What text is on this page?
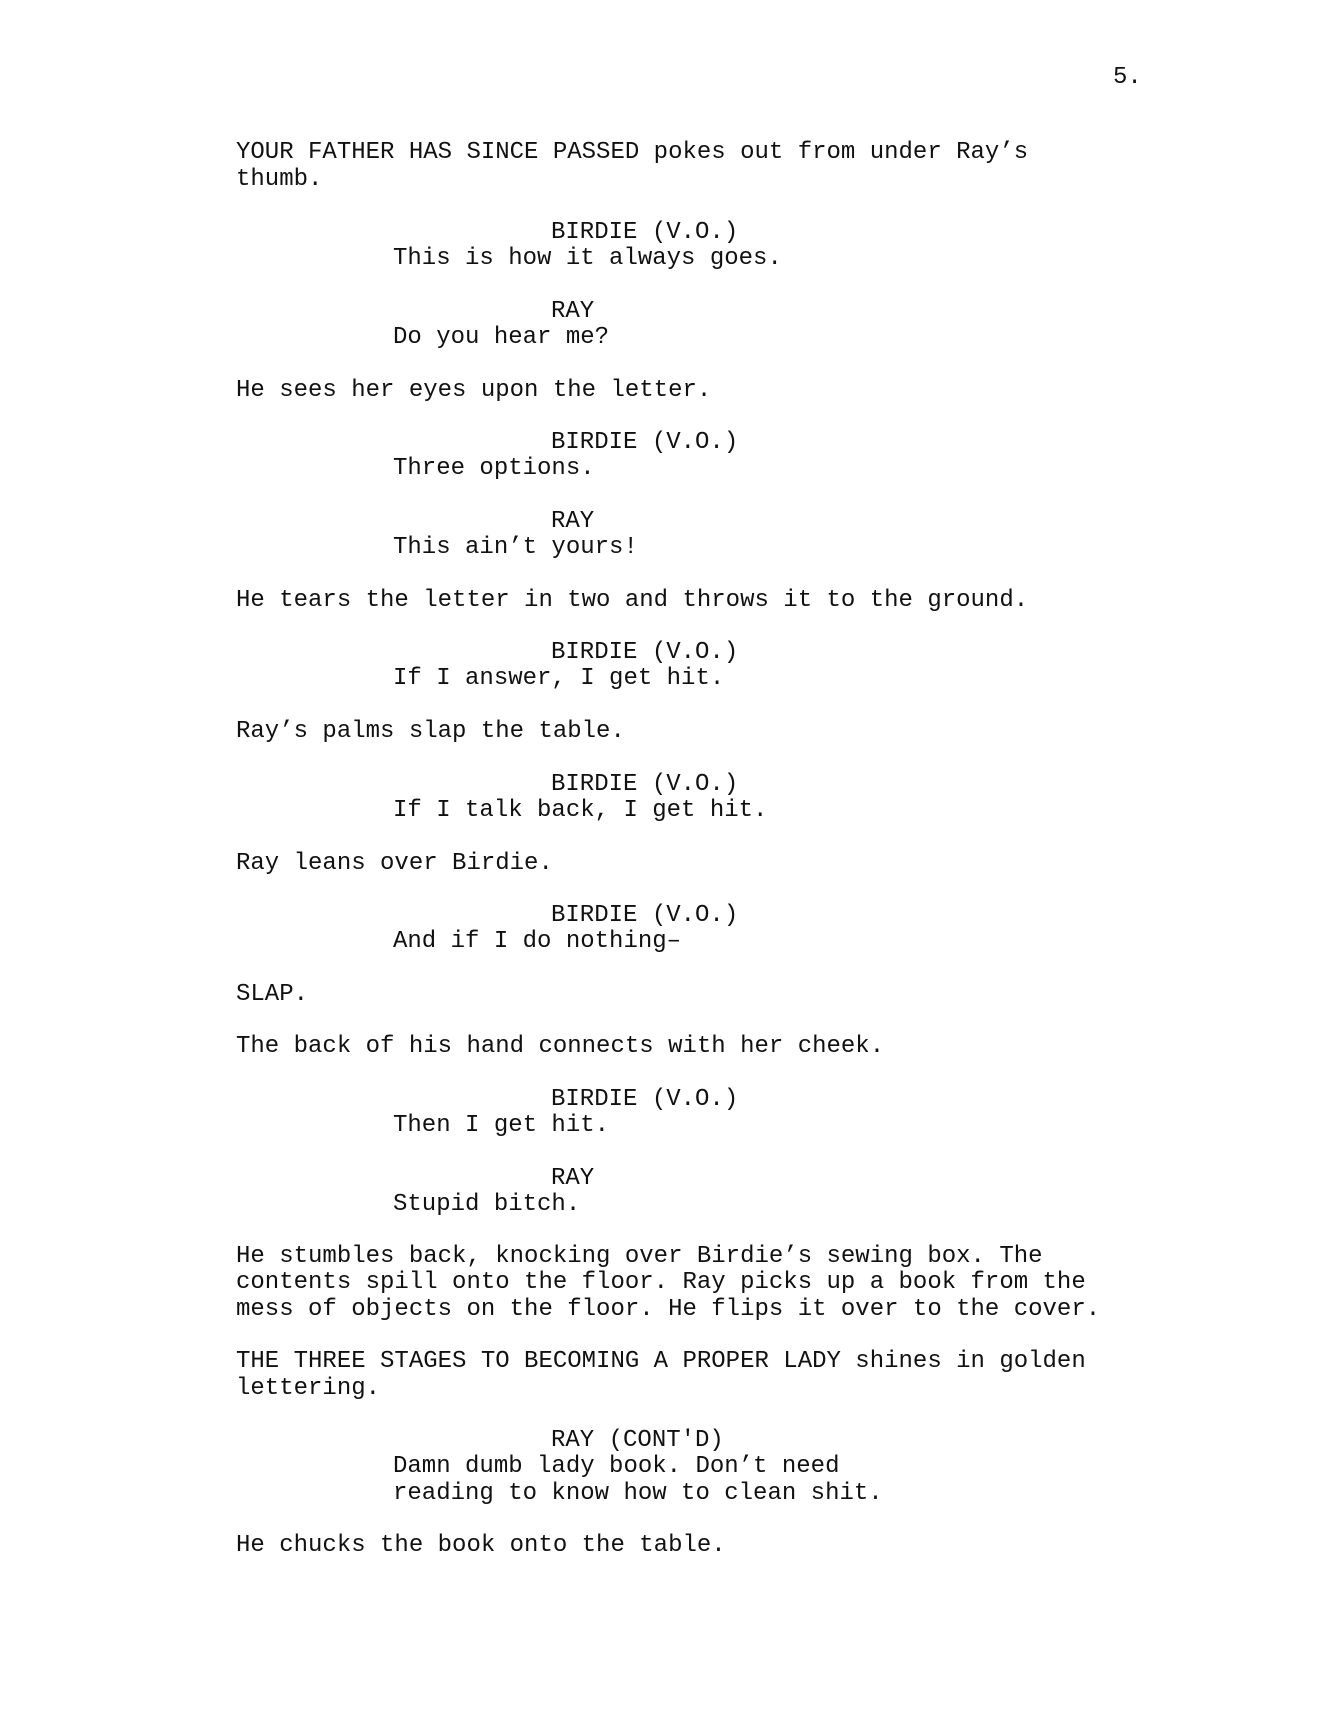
5.

YOUR FATHER HAS SINCE PASSED pokes out from under Ray’s

thumb.

BIRDIE (V.O.)

This is how it always goes.

RAY

Do you hear me?

He sees her eyes upon the letter.

BIRDIE (V.O.)

Three options.

RAY

This ain’t yours!

He tears the letter in two and throws it to the ground.

BIRDIE (V.O.)

If I answer, I get hit.

Ray’s palms slap the table.

BIRDIE (V.O.)

If I talk back, I get hit.

Ray leans over Birdie.

BIRDIE (V.O.)

And if I do nothing–

SLAP.

The back of his hand connects with her cheek.

BIRDIE (V.O.)

Then I get hit.

RAY

Stupid bitch.

He stumbles back, knocking over Birdie’s sewing box. The

contents spill onto the floor. Ray picks up a book from the

mess of objects on the floor. He flips it over to the cover.

THE THREE STAGES TO BECOMING A PROPER LADY shines in golden

lettering.

RAY (CONT'D)

Damn dumb lady book. Don’t need

reading to know how to clean shit.

He chucks the book onto the table.
